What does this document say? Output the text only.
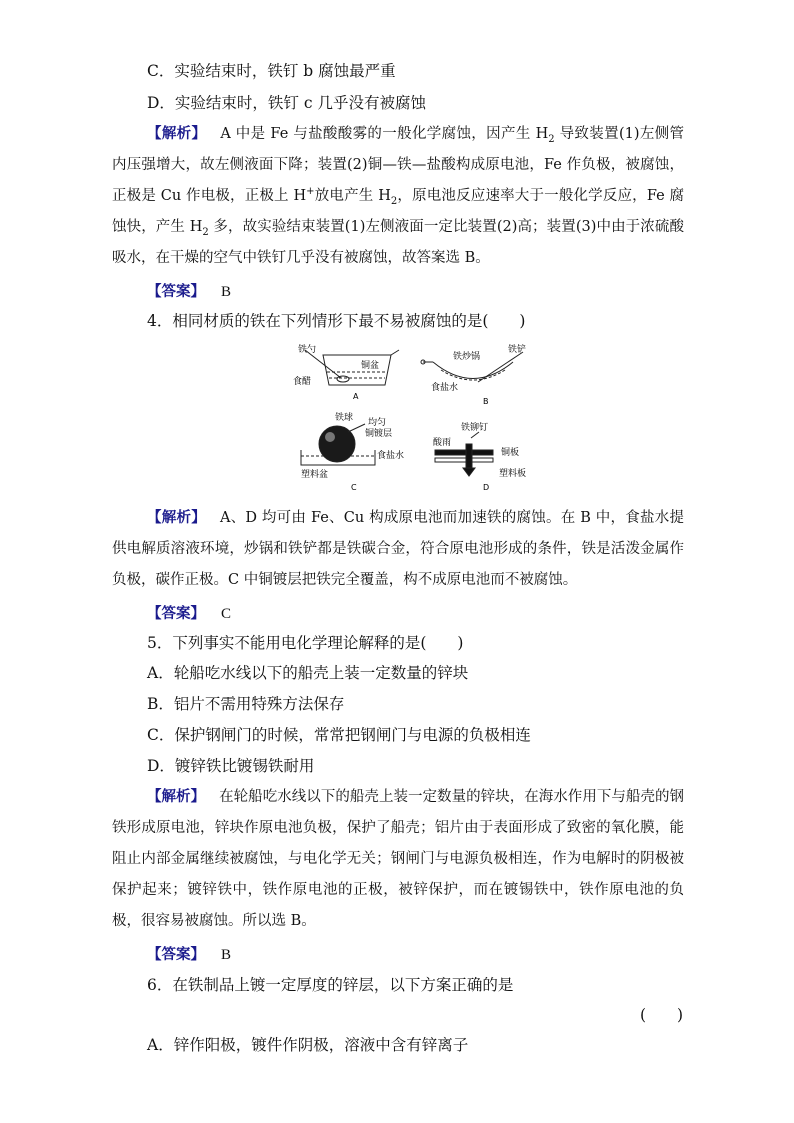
C．实验结束时，铁钉 b 腐蚀最严重
D．实验结束时，铁钉 c 几乎没有被腐蚀
【解析】 A 中是 Fe 与盐酸酸雾的一般化学腐蚀，因产生 $H_2$ 导致装置(1)左侧管内压强增大，故左侧液面下降；装置(2)铜—铁—盐酸构成原电池，Fe 作负极，被腐蚀，正极是 Cu 作电极，正极上 H+放电产生 $H_2$，原电池反应速率大于一般化学反应，Fe 腐蚀快，产生 $H_2$ 多，故实验结束装置(1)左侧液面一定比装置(2)高；装置(3)中由于浓硫酸吸水，在干燥的空气中铁钉几乎没有被腐蚀，故答案选 B。
【答案】 B
4．相同材质的铁在下列情形下最不易被腐蚀的是(　　)
铁勺
铜盆
食醋
A
铁炒锅
铁铲
食盐水
B
铁球 均匀
铜镀层
食盐水
塑料盆
C
铁铆钉
酸雨
铜板
塑料板
D
【解析】 A、D 均可由 Fe、Cu 构成原电池而加速铁的腐蚀。在 B 中，食盐水提供电解质溶液环境，炒锅和铁铲都是铁碳合金，符合原电池形成的条件，铁是活泼金属作负极，碳作正极。C 中铜镀层把铁完全覆盖，构不成原电池而不被腐蚀。
【答案】 C
5．下列事实不能用电化学理论解释的是(　　)
A．轮船吃水线以下的船壳上装一定数量的锌块
B．铝片不需用特殊方法保存
C．保护钢闸门的时候，常常把钢闸门与电源的负极相连
D．镀锌铁比镀锡铁耐用
【解析】 在轮船吃水线以下的船壳上装一定数量的锌块，在海水作用下与船壳的钢铁形成原电池，锌块作原电池负极，保护了船壳；铝片由于表面形成了致密的氧化膜，能阻止内部金属继续被腐蚀，与电化学无关；钢闸门与电源负极相连，作为电解时的阴极被保护起来；镀锌铁中，铁作原电池的正极，被锌保护，而在镀锡铁中，铁作原电池的负极，很容易被腐蚀。所以选 B。
【答案】 B
6．在铁制品上镀一定厚度的锌层，以下方案正确的是
(　　)
A．锌作阳极，镀件作阴极，溶液中含有锌离子
